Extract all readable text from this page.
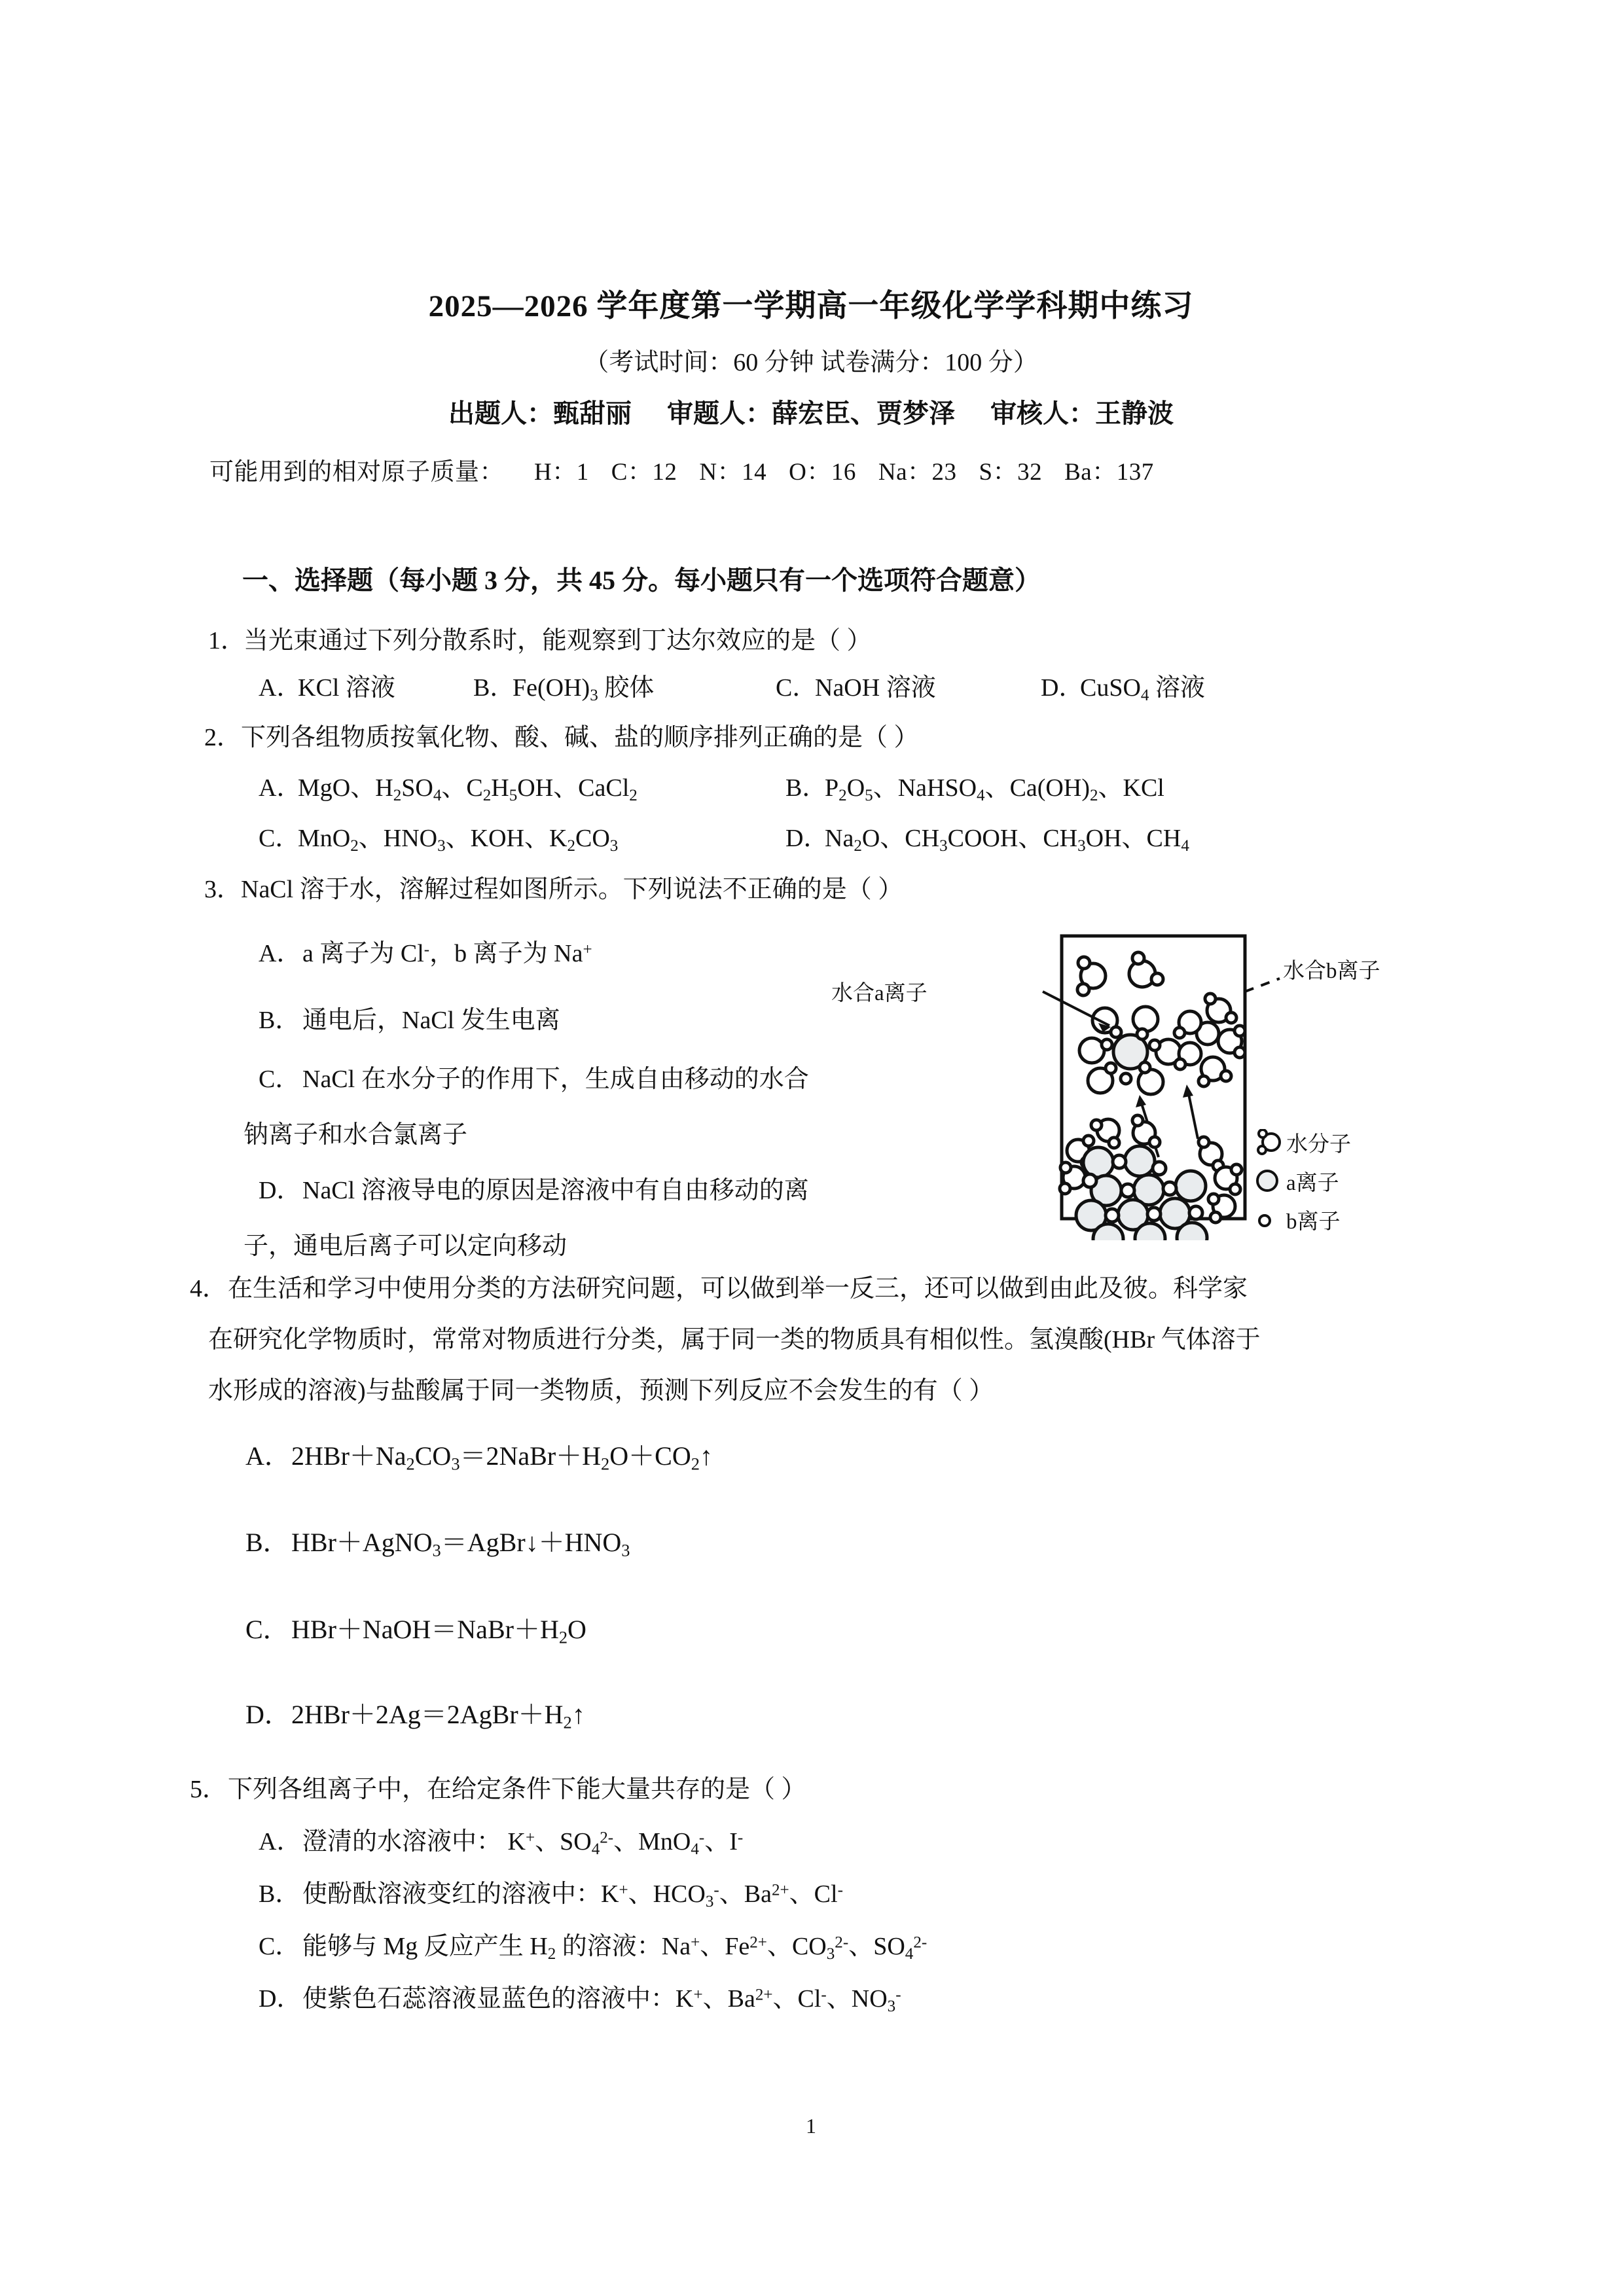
2025—2026 学年度第一学期高一年级化学学科期中练习
（考试时间：60 分钟 试卷满分：100 分）
出题人：甄甜丽 审题人：薛宏臣、贾梦泽 审核人：王静波
可能用到的相对原子质量： H：1 C：12 N：14 O：16 Na：23 S：32 Ba：137
一、选择题（每小题 3 分，共 45 分。每小题只有一个选项符合题意）
1．
当光束通过下列分散系时，能观察到丁达尔效应的是（ ）
A．
KCl 溶液	B．
$Fe(OH)_3$ 胶体	C．
NaOH 溶液	D．
CuSO$_4$ 溶液
2．
下列各组物质按氧化物、酸、碱、盐的顺序排列正确的是（ ）
A．
MgO、$H_2SO_4$、$C_2H_5OH$、CaCl$_2$	B．
$P_2O_5$、NaHSO$_4$、$Ca(OH)_2$、KCl
C．
MnO$_2$、$HNO_3$、KOH、$K_2CO_3$	D．
$Na_2O$、$CH_3COOH$、$CH_3OH$、$CH_4$
3．
NaCl 溶于水，溶解过程如图所示。下列说法不正确的是（ ）
A． a 离子为 Cl-，b 离子为 Na+
B． 通电后，NaCl 发生电离
C． NaCl 在水分子的作用下，生成自由移动的水合
钠离子和水合氯离子
D． NaCl 溶液导电的原因是溶液中有自由移动的离
子，通电后离子可以定向移动
水合a离子
水合b离子
水分子
a离子
b离子
4． 在生活和学习中使用分类的方法研究问题，可以做到举一反三，还可以做到由此及彼。科学家
在研究化学物质时，常常对物质进行分类，属于同一类的物质具有相似性。氢溴酸(HBr 气体溶于
水形成的溶液)与盐酸属于同一类物质，预测下列反应不会发生的有（ ）
A． $2HBr+Na_2CO_3=2NaBr+H_2O+CO_2↑$
B． $HBr+AgNO_3=AgBr↓+HNO_3$
C． $HBr+NaOH=NaBr+H_2O$
D． $2HBr+2Ag=2AgBr+H_2↑$
5． 下列各组离子中，在给定条件下能大量共存的是（ ）
A． 澄清的水溶液中： K+、$SO_4^{2-}$、MnO$_4$-、I-
B． 使酚酞溶液变红的溶液中：K+、$HCO_3^-$、$Ba^{2+}$、Cl-
C． 能够与 Mg 反应产生 $H_2$ 的溶液：Na+、$Fe^{2+}$、$CO_3^{2-}$、$SO_4^{2-}$
D． 使紫色石蕊溶液显蓝色的溶液中：K+、$Ba^{2+}$、Cl-、$NO_3^-$
1
